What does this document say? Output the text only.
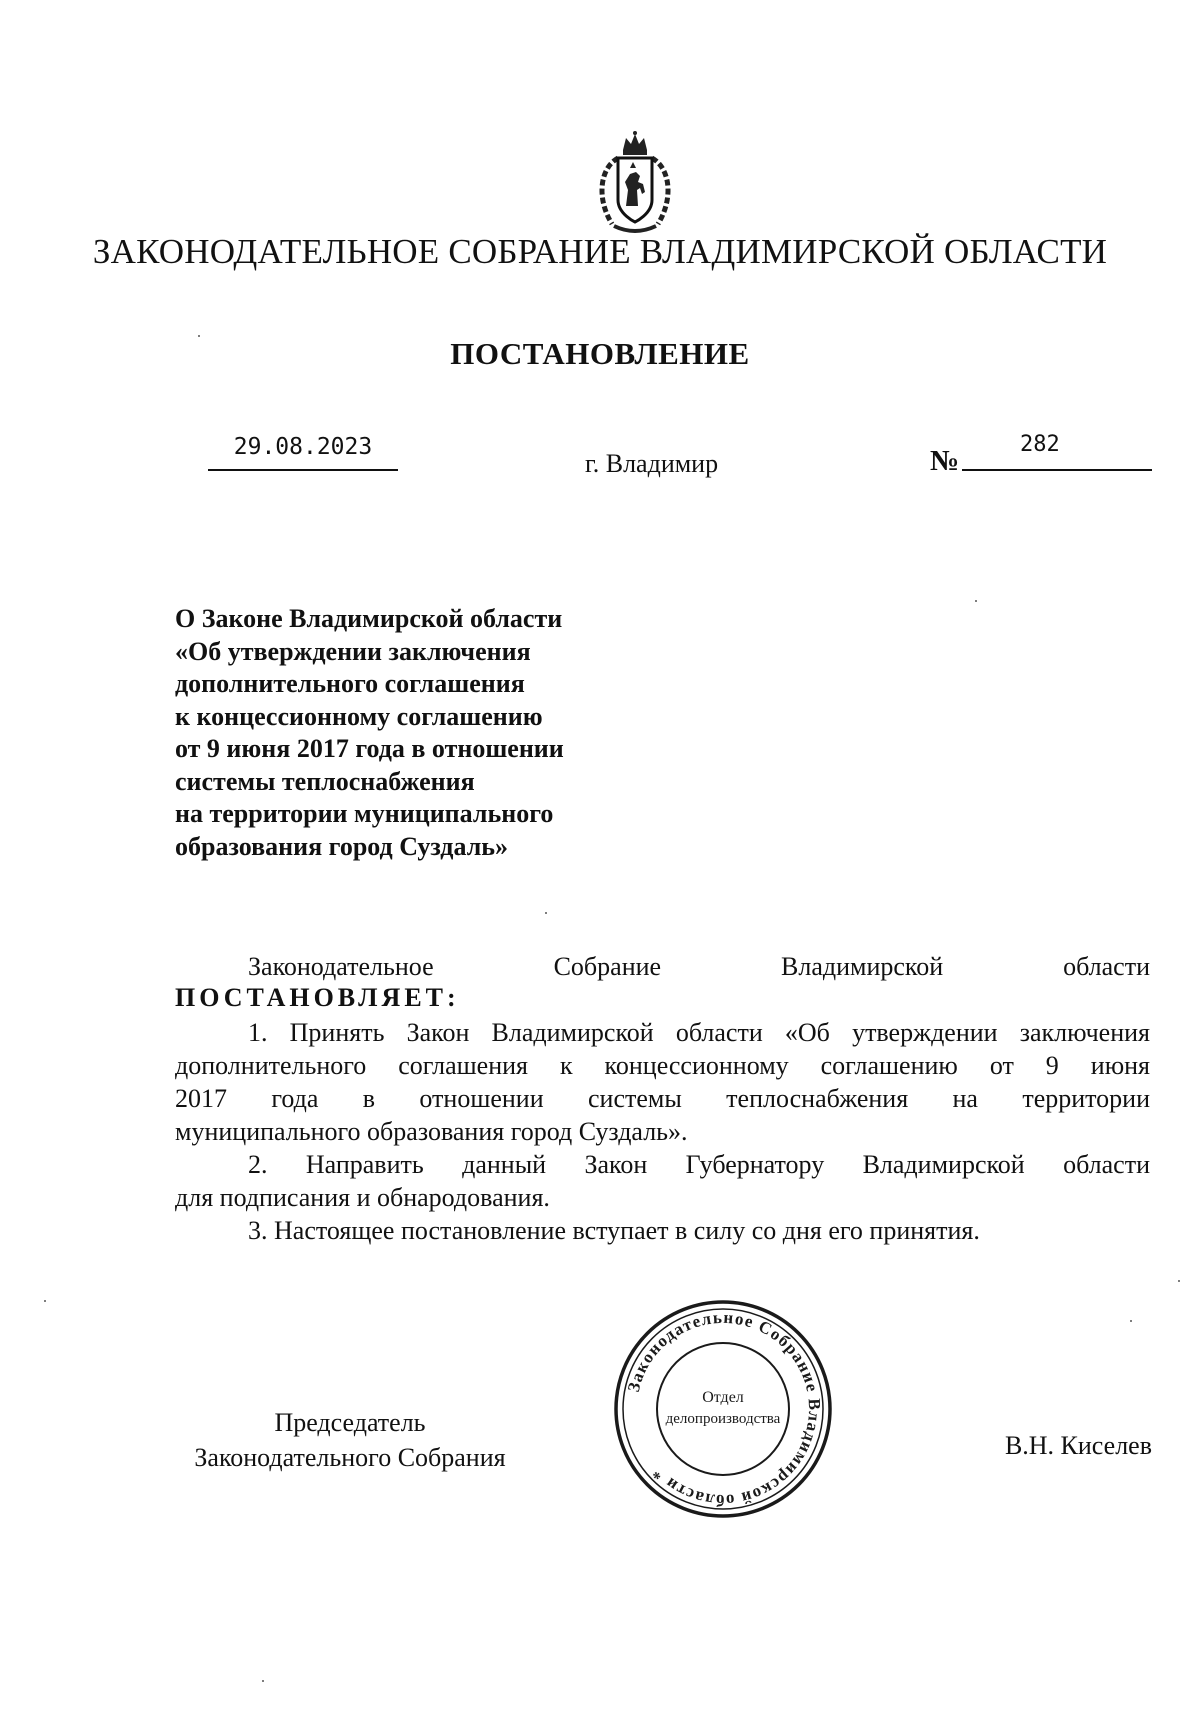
ЗАКОНОДАТЕЛЬНОЕ СОБРАНИЕ ВЛАДИМИРСКОЙ ОБЛАСТИ
ПОСТАНОВЛЕНИЕ
29.08.2023
г. Владимир	№
282
О Законе Владимирской области
«Об утверждении заключения
дополнительного соглашения
к концессионному соглашению
от 9 июня 2017 года в отношении
системы теплоснабжения
на территории муниципального
образования город Суздаль»
Законодательное Собрание Владимирской области
ПОСТАНОВЛЯЕТ:
1. Принять Закон Владимирской области «Об утверждении заключения
дополнительного соглашения к концессионному соглашению от 9 июня
2017 года в отношении системы теплоснабжения на территории
муниципального образования город Суздаль».
2. Направить данный Закон Губернатору Владимирской области
для подписания и обнародования.
3. Настоящее постановление вступает в силу со дня его принятия.
Председатель
Законодательного Собрания	В.Н. Киселев
Законодательное Собрание Владимирской области *
Отдел
делопроизводства
